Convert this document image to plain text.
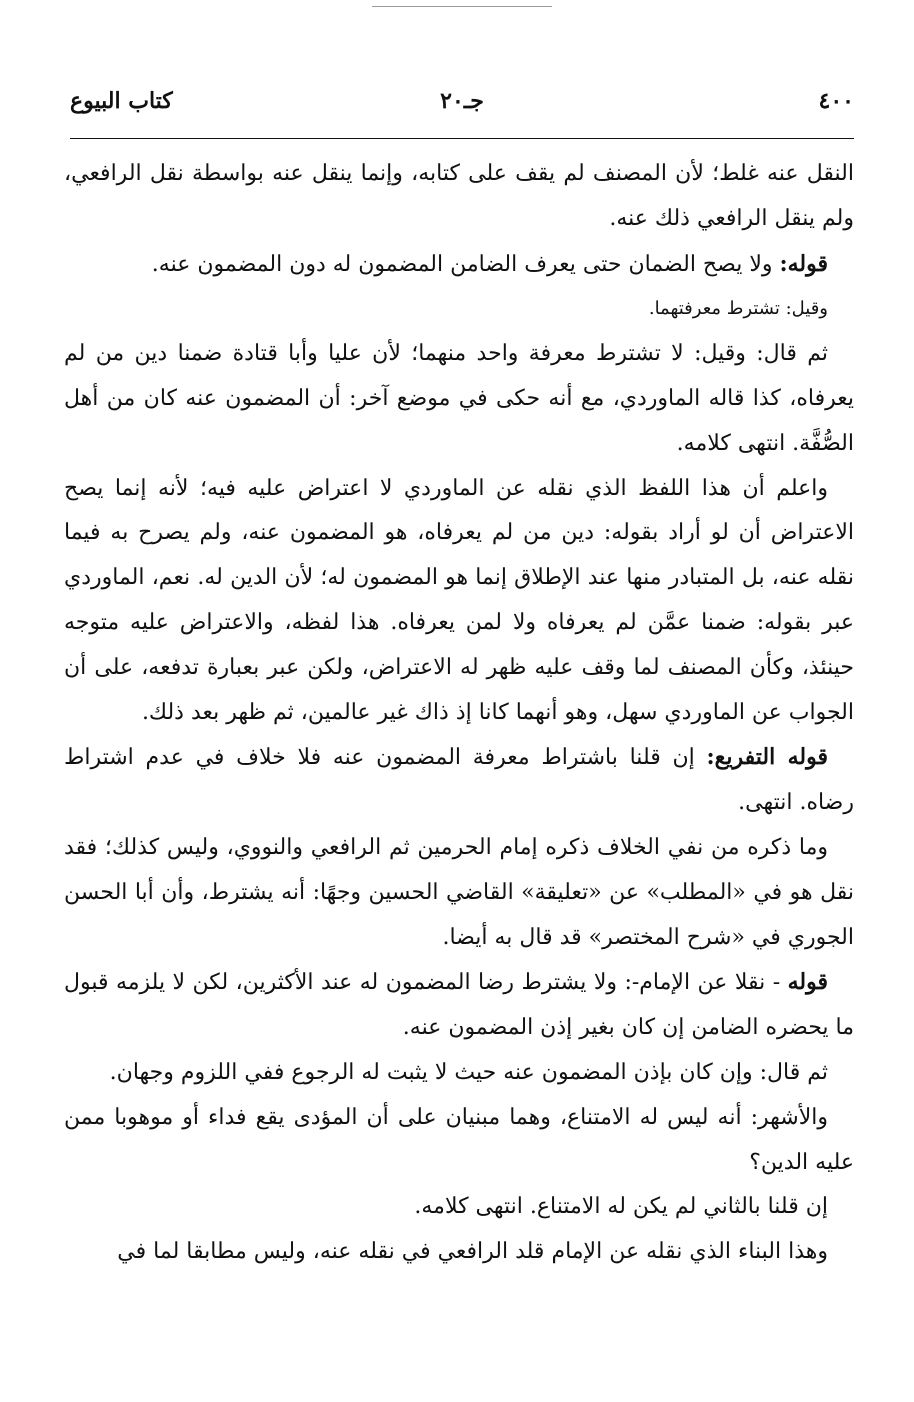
٤٠٠
جـ٢٠
كتاب البيوع

النقل عنه غلط؛ لأن المصنف لم يقف على كتابه، وإنما ينقل عنه بواسطة نقل الرافعي، ولم ينقل الرافعي ذلك عنه.

قوله: ولا يصح الضمان حتى يعرف الضامن المضمون له دون المضمون عنه.

وقيل: تشترط معرفتهما.

ثم قال: وقيل: لا تشترط معرفة واحد منهما؛ لأن عليا وأبا قتادة ضمنا دين من لم يعرفاه، كذا قاله الماوردي، مع أنه حكى في موضع آخر: أن المضمون عنه كان من أهل الصُّفَّة. انتهى كلامه.

واعلم أن هذا اللفظ الذي نقله عن الماوردي لا اعتراض عليه فيه؛ لأنه إنما يصح الاعتراض أن لو أراد بقوله: دين من لم يعرفاه، هو المضمون عنه، ولم يصرح به فيما نقله عنه، بل المتبادر منها عند الإطلاق إنما هو المضمون له؛ لأن الدين له. نعم، الماوردي عبر بقوله: ضمنا عمَّن لم يعرفاه ولا لمن يعرفاه. هذا لفظه، والاعتراض عليه متوجه حينئذ، وكأن المصنف لما وقف عليه ظهر له الاعتراض، ولكن عبر بعبارة تدفعه، على أن الجواب عن الماوردي سهل، وهو أنهما كانا إذ ذاك غير عالمين، ثم ظهر بعد ذلك.

قوله التفريع: إن قلنا باشتراط معرفة المضمون عنه فلا خلاف في عدم اشتراط رضاه. انتهى.

وما ذكره من نفي الخلاف ذكره إمام الحرمين ثم الرافعي والنووي، وليس كذلك؛ فقد نقل هو في «المطلب» عن «تعليقة» القاضي الحسين وجهًا: أنه يشترط، وأن أبا الحسن الجوري في «شرح المختصر» قد قال به أيضا.

قوله - نقلا عن الإمام-: ولا يشترط رضا المضمون له عند الأكثرين، لكن لا يلزمه قبول ما يحضره الضامن إن كان بغير إذن المضمون عنه.

ثم قال: وإن كان بإذن المضمون عنه حيث لا يثبت له الرجوع ففي اللزوم وجهان.

والأشهر: أنه ليس له الامتناع، وهما مبنيان على أن المؤدى يقع فداء أو موهوبا ممن عليه الدين؟

إن قلنا بالثاني لم يكن له الامتناع. انتهى كلامه.

وهذا البناء الذي نقله عن الإمام قلد الرافعي في نقله عنه، وليس مطابقا لما في
